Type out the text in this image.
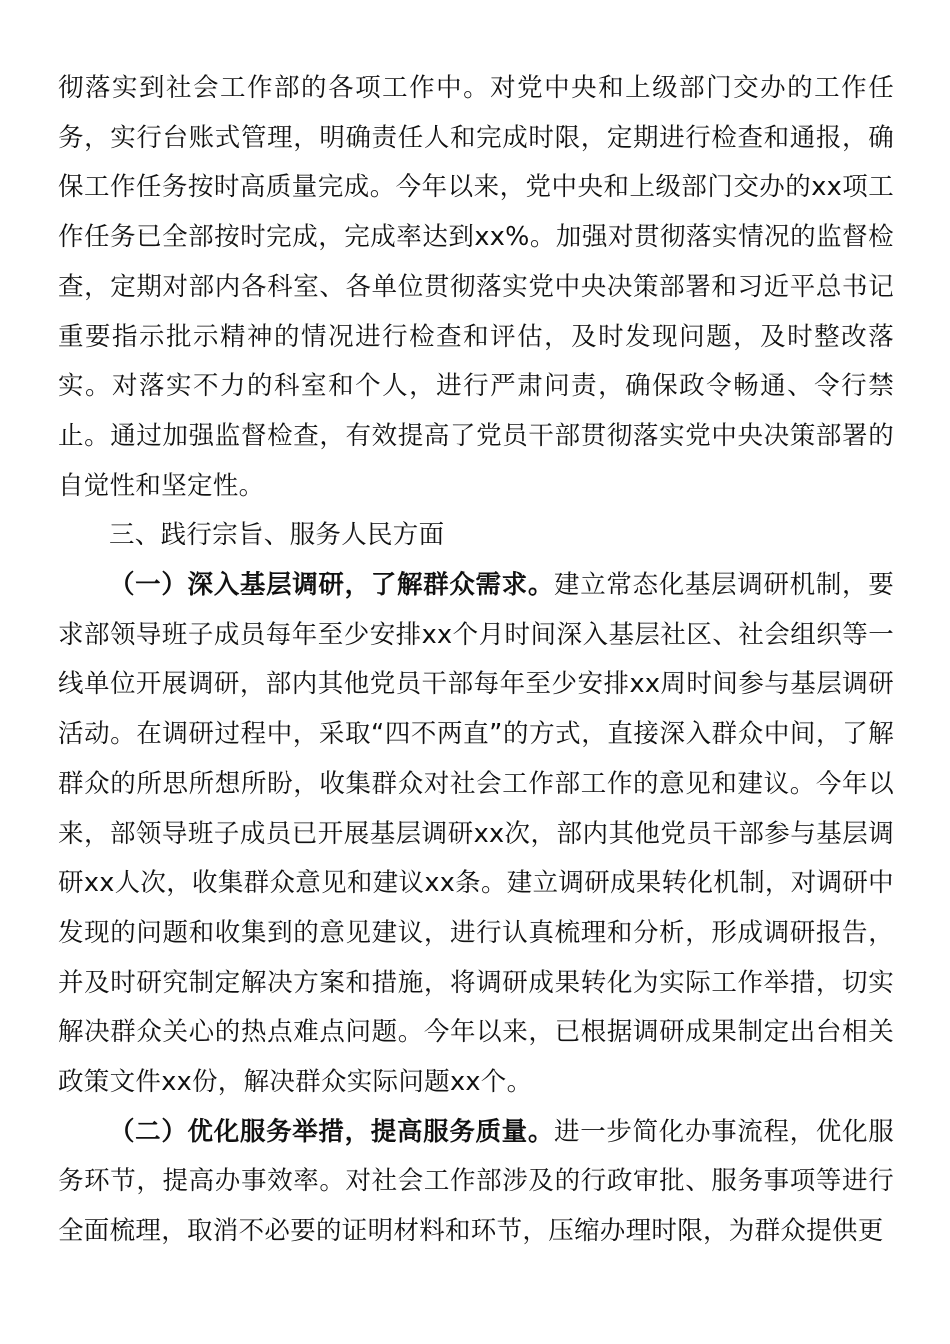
彻落实到社会工作部的各项工作中。对党中央和上级部门交办的工作任务，实行台账式管理，明确责任人和完成时限，定期进行检查和通报，确保工作任务按时高质量完成。今年以来，党中央和上级部门交办的xx项工作任务已全部按时完成，完成率达到xx%。加强对贯彻落实情况的监督检查，定期对部内各科室、各单位贯彻落实党中央决策部署和习近平总书记重要指示批示精神的情况进行检查和评估，及时发现问题，及时整改落实。对落实不力的科室和个人，进行严肃问责，确保政令畅通、令行禁止。通过加强监督检查，有效提高了党员干部贯彻落实党中央决策部署的自觉性和坚定性。

三、践行宗旨、服务人民方面

（一）深入基层调研，了解群众需求。建立常态化基层调研机制，要求部领导班子成员每年至少安排xx个月时间深入基层社区、社会组织等一线单位开展调研，部内其他党员干部每年至少安排xx周时间参与基层调研活动。在调研过程中，采取“四不两直”的方式，直接深入群众中间，了解群众的所思所想所盼，收集群众对社会工作部工作的意见和建议。今年以来，部领导班子成员已开展基层调研xx次，部内其他党员干部参与基层调研xx人次，收集群众意见和建议xx条。建立调研成果转化机制，对调研中发现的问题和收集到的意见建议，进行认真梳理和分析，形成调研报告，并及时研究制定解决方案和措施，将调研成果转化为实际工作举措，切实解决群众关心的热点难点问题。今年以来，已根据调研成果制定出台相关政策文件xx份，解决群众实际问题xx个。

（二）优化服务举措，提高服务质量。进一步简化办事流程，优化服务环节，提高办事效率。对社会工作部涉及的行政审批、服务事项等进行全面梳理，取消不必要的证明材料和环节，压缩办理时限，为群众提供更
